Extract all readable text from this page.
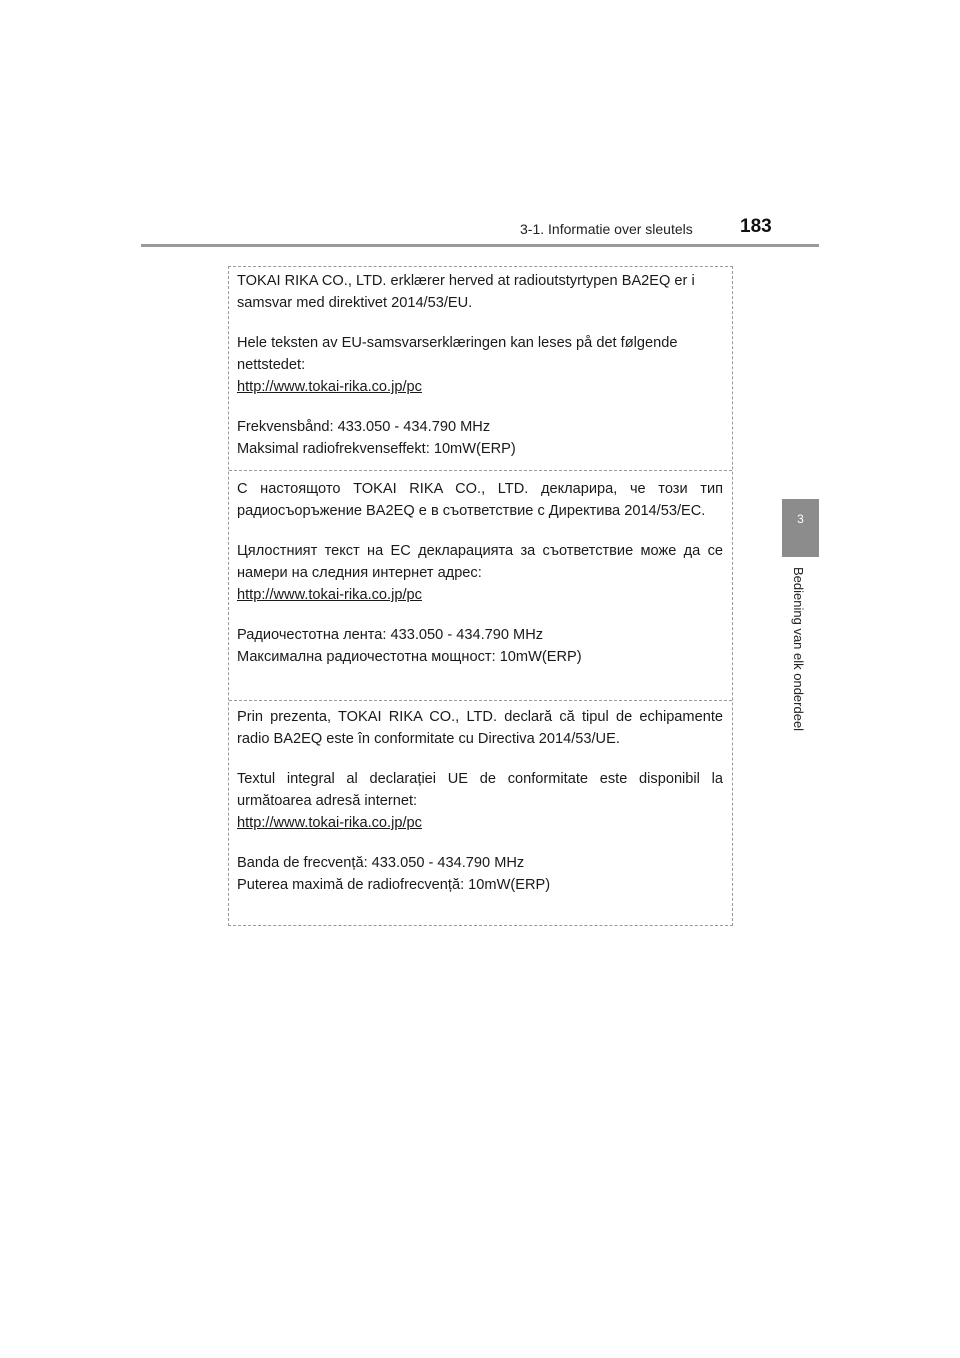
3-1. Informatie over sleutels 183
3
Bediening van elk onderdeel

TOKAI RIKA CO., LTD. erklærer herved at radioutstyrtypen BA2EQ er i samsvar med direktivet 2014/53/EU.

Hele teksten av EU-samsvarserklæringen kan leses på det følgende nettstedet:

http://www.tokai-rika.co.jp/pc

Frekvensbånd: 433.050 - 434.790 MHz

Maksimal radiofrekvenseffekt: 10mW(ERP)

С настоящото TOKAI RIKA CO., LTD. декларира, че този тип радиосъоръжение BA2EQ е в съответствие с Директива 2014/53/ЕС.

Цялостният текст на ЕС декларацията за съответствие може да се намери на следния интернет адрес:

http://www.tokai-rika.co.jp/pc

Радиочестотна лента: 433.050 - 434.790 MHz

Максимална радиочестотна мощност: 10mW(ERP)

Prin prezenta, TOKAI RIKA CO., LTD. declară că tipul de echipamente radio BA2EQ este în conformitate cu Directiva 2014/53/UE.

Textul integral al declarației UE de conformitate este disponibil la următoarea adresă internet:

http://www.tokai-rika.co.jp/pc

Banda de frecvență: 433.050 - 434.790 MHz

Puterea maximă de radiofrecvență: 10mW(ERP)
